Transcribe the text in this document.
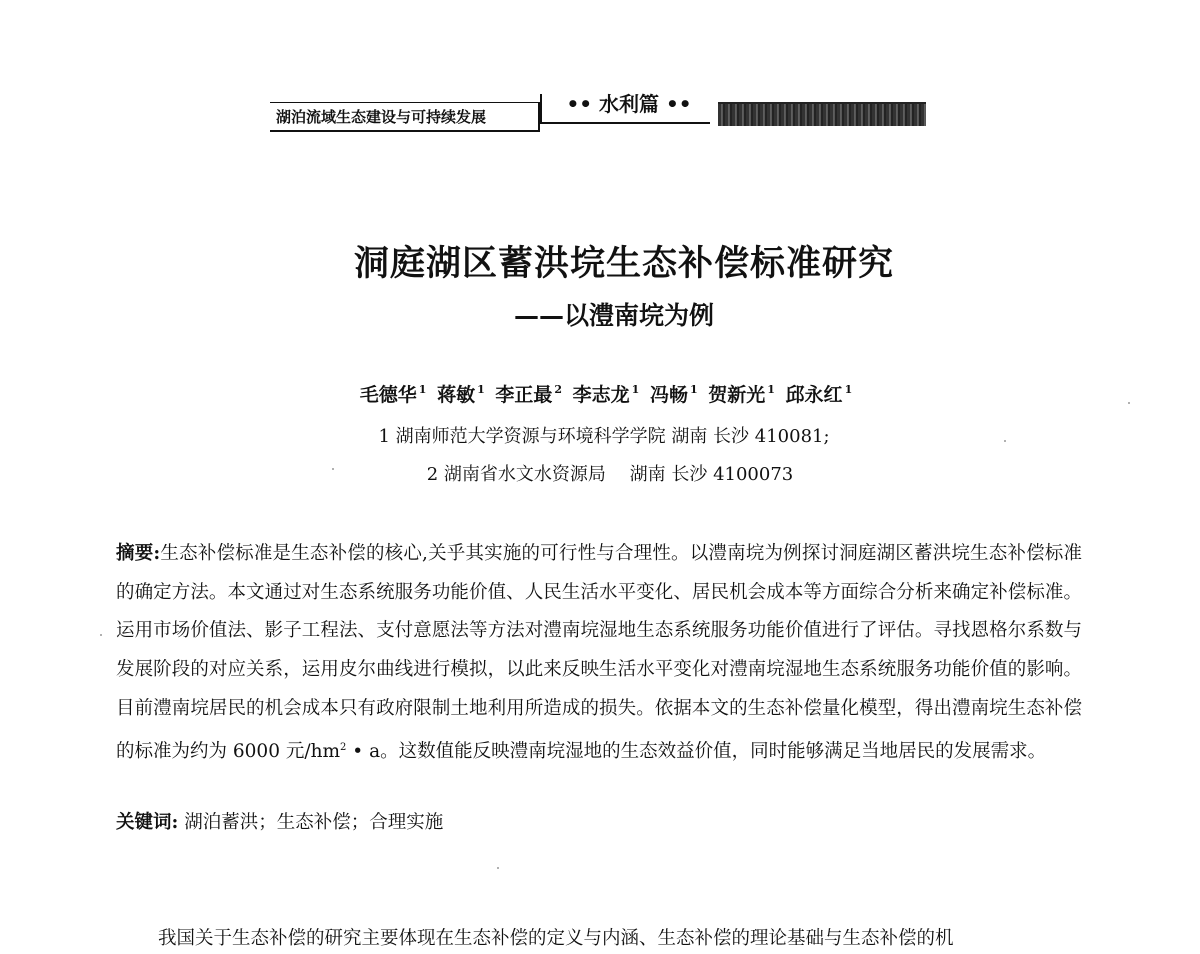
湖泊流域生态建设与可持续发展
•• 水利篇 ••
洞庭湖区蓄洪垸生态补偿标准研究
——以澧南垸为例
毛德华 $^1$ 蒋敏 $^1$ 李正最 $^2$ 李志龙 $^1$ 冯畅 $^1$ 贺新光 $^1$ 邱永红 $^1$
1 湖南师范大学资源与环境科学学院 湖南 长沙 410081;
2 湖南省水文水资源局　 湖南 长沙 4100073
摘要:生态补偿标准是生态补偿的核心,关乎其实施的可行性与合理性。以澧南垸为例探讨洞庭湖区蓄洪垸生态补偿标准的确定方法。本文通过对生态系统服务功能价值、人民生活水平变化、居民机会成本等方面综合分析来确定补偿标准。运用市场价值法、影子工程法、支付意愿法等方法对澧南垸湿地生态系统服务功能价值进行了评估。寻找恩格尔系数与发展阶段的对应关系，运用皮尔曲线进行模拟，以此来反映生活水平变化对澧南垸湿地生态系统服务功能价值的影响。目前澧南垸居民的机会成本只有政府限制土地利用所造成的损失。依据本文的生态补偿量化模型，得出澧南垸生态补偿的标准为约为 6000 元$/hm^2$ • a。这数值能反映澧南垸湿地的生态效益价值，同时能够满足当地居民的发展需求。
关键词: 湖泊蓄洪；生态补偿；合理实施
我国关于生态补偿的研究主要体现在生态补偿的定义与内涵、生态补偿的理论基础与生态补偿的机
